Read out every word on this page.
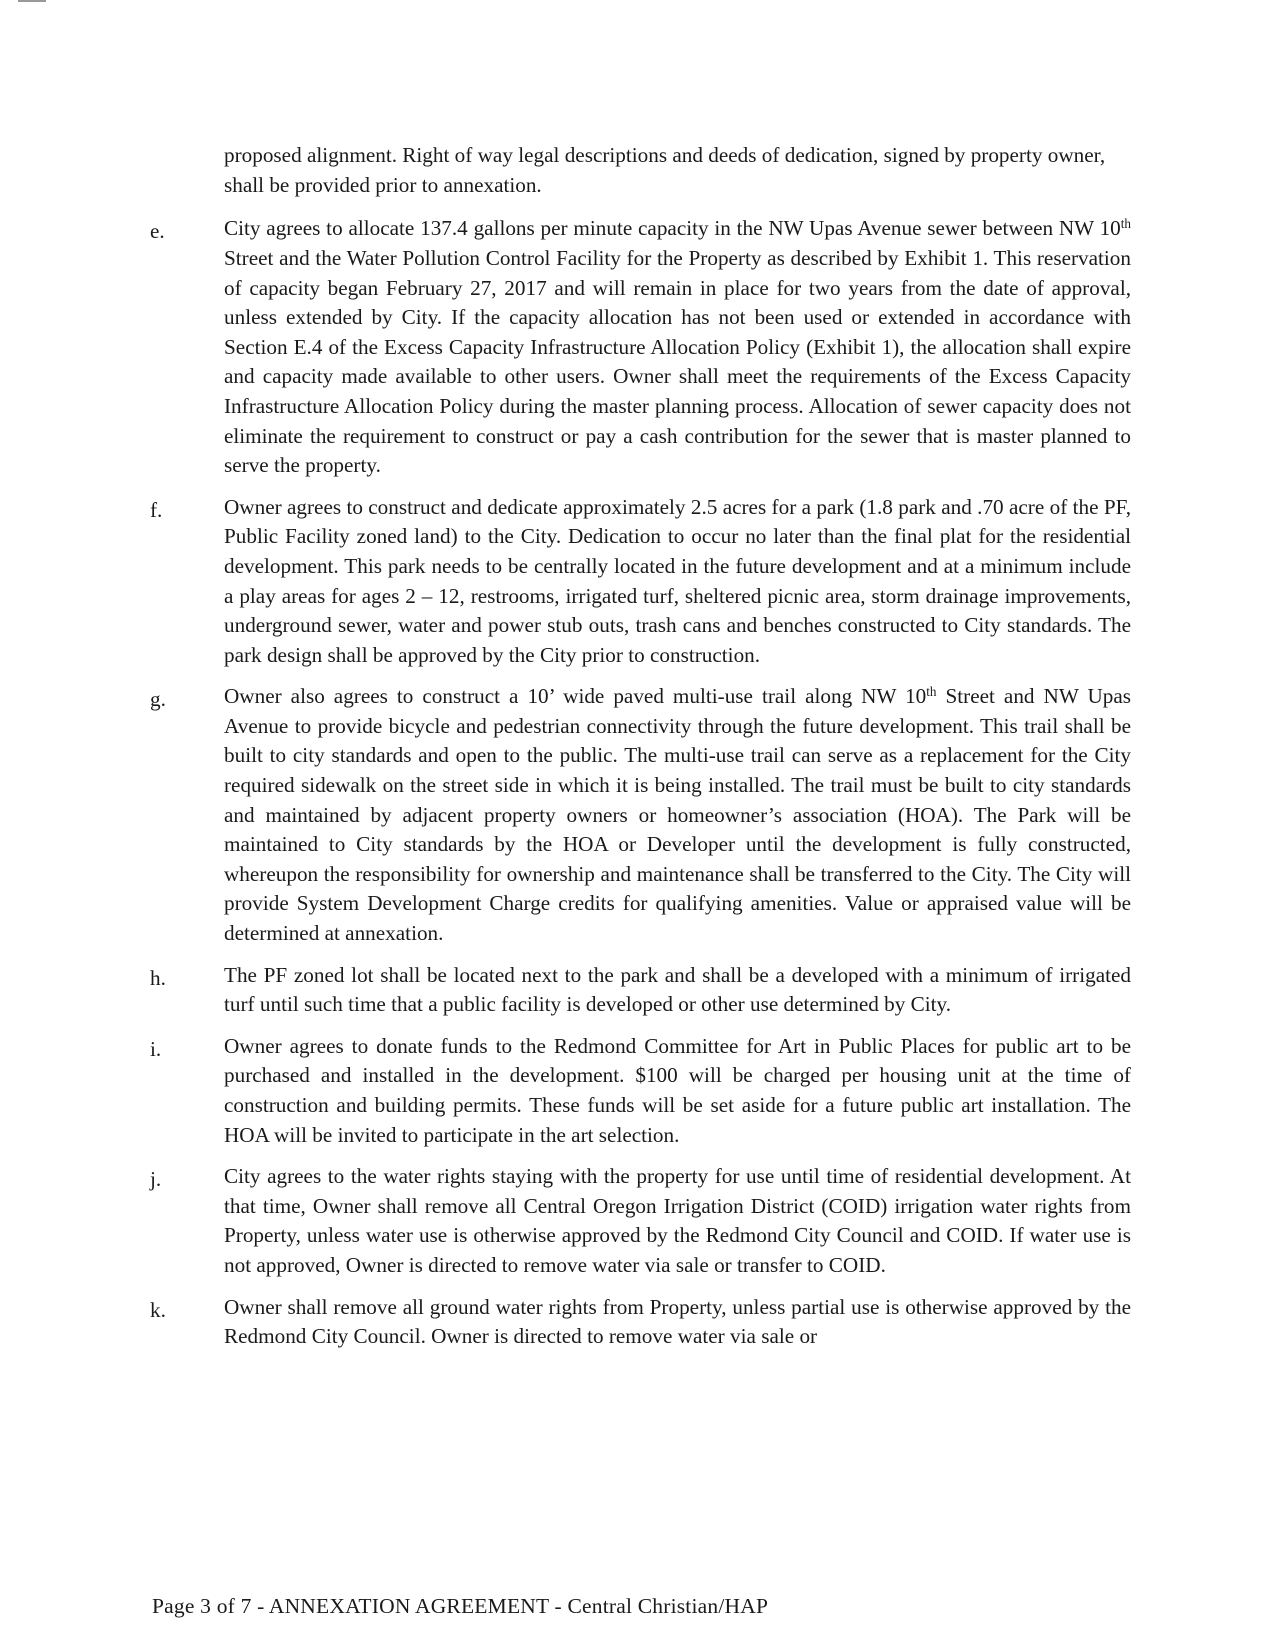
proposed alignment. Right of way legal descriptions and deeds of dedication, signed by property owner, shall be provided prior to annexation.

e.	City agrees to allocate 137.4 gallons per minute capacity in the NW Upas Avenue sewer between NW 10th Street and the Water Pollution Control Facility for the Property as described by Exhibit 1. This reservation of capacity began February 27, 2017 and will remain in place for two years from the date of approval, unless extended by City. If the capacity allocation has not been used or extended in accordance with Section E.4 of the Excess Capacity Infrastructure Allocation Policy (Exhibit 1), the allocation shall expire and capacity made available to other users. Owner shall meet the requirements of the Excess Capacity Infrastructure Allocation Policy during the master planning process. Allocation of sewer capacity does not eliminate the requirement to construct or pay a cash contribution for the sewer that is master planned to serve the property.
f.	Owner agrees to construct and dedicate approximately 2.5 acres for a park (1.8 park and .70 acre of the PF, Public Facility zoned land) to the City. Dedication to occur no later than the final plat for the residential development. This park needs to be centrally located in the future development and at a minimum include a play areas for ages 2 – 12, restrooms, irrigated turf, sheltered picnic area, storm drainage improvements, underground sewer, water and power stub outs, trash cans and benches constructed to City standards. The park design shall be approved by the City prior to construction.
g.	Owner also agrees to construct a 10’ wide paved multi-use trail along NW 10th Street and NW Upas Avenue to provide bicycle and pedestrian connectivity through the future development. This trail shall be built to city standards and open to the public. The multi-use trail can serve as a replacement for the City required sidewalk on the street side in which it is being installed. The trail must be built to city standards and maintained by adjacent property owners or homeowner’s association (HOA). The Park will be maintained to City standards by the HOA or Developer until the development is fully constructed, whereupon the responsibility for ownership and maintenance shall be transferred to the City. The City will provide System Development Charge credits for qualifying amenities. Value or appraised value will be determined at annexation.
h.	The PF zoned lot shall be located next to the park and shall be a developed with a minimum of irrigated turf until such time that a public facility is developed or other use determined by City.
i.	Owner agrees to donate funds to the Redmond Committee for Art in Public Places for public art to be purchased and installed in the development. $100 will be charged per housing unit at the time of construction and building permits. These funds will be set aside for a future public art installation. The HOA will be invited to participate in the art selection.
j.	City agrees to the water rights staying with the property for use until time of residential development. At that time, Owner shall remove all Central Oregon Irrigation District (COID) irrigation water rights from Property, unless water use is otherwise approved by the Redmond City Council and COID. If water use is not approved, Owner is directed to remove water via sale or transfer to COID.
k.	Owner shall remove all ground water rights from Property, unless partial use is otherwise approved by the Redmond City Council. Owner is directed to remove water via sale or
Page 3 of 7 - ANNEXATION AGREEMENT - Central Christian/HAP
